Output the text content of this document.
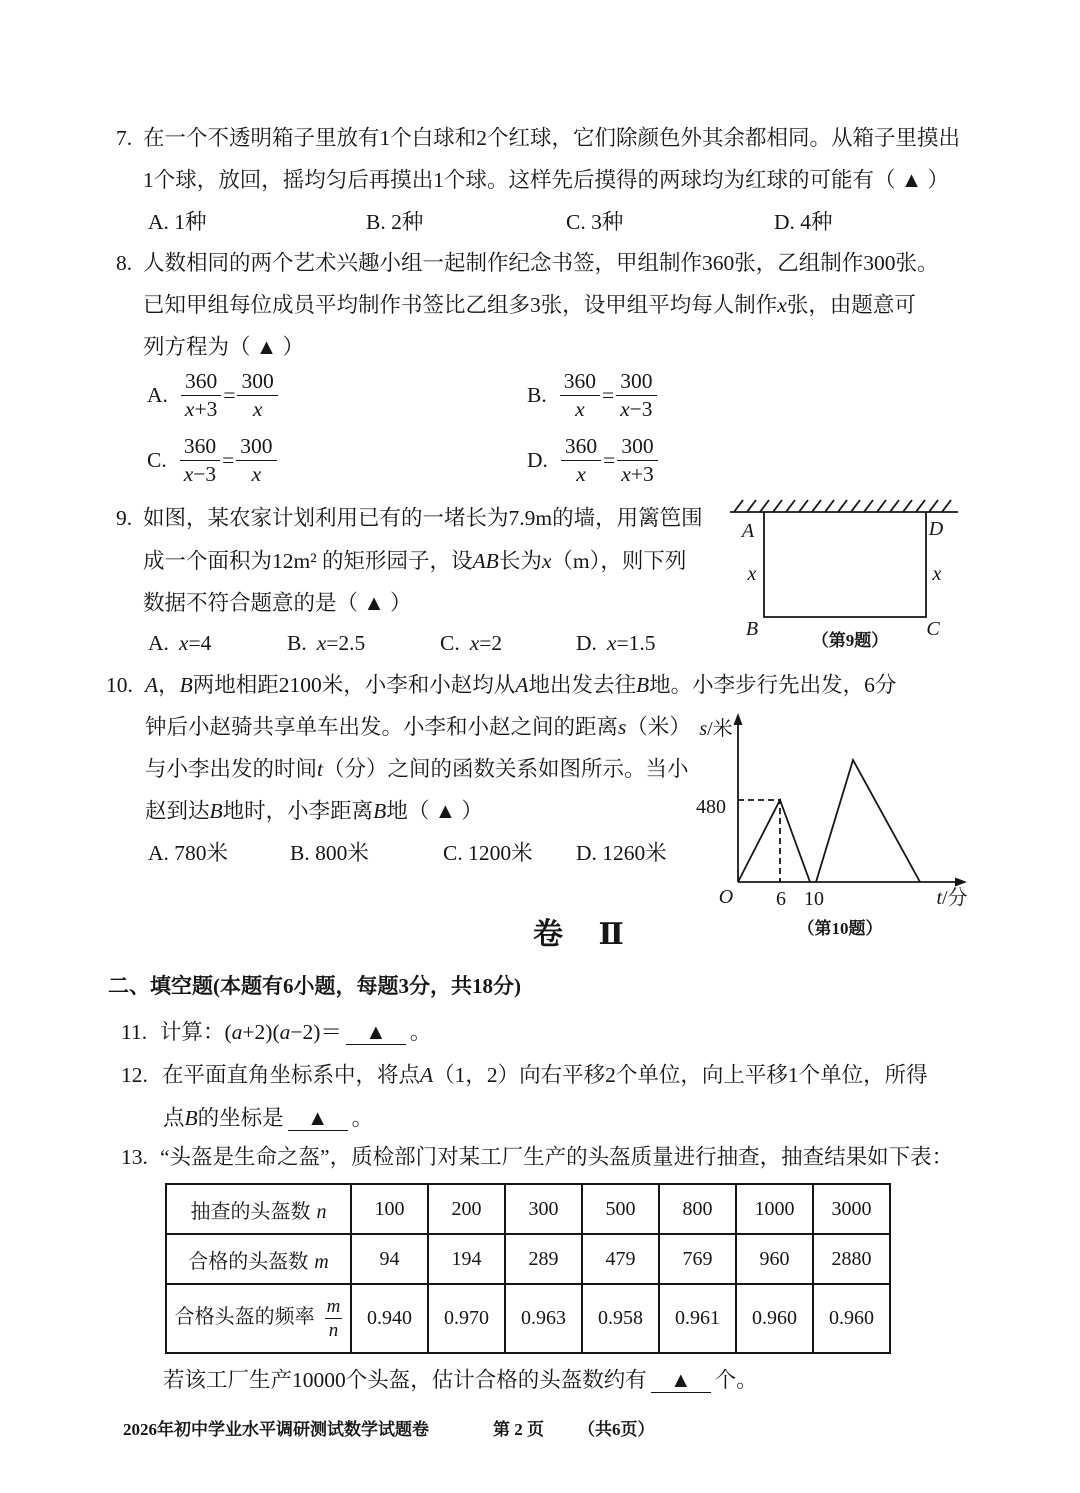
7. 在一个不透明箱子里放有1个白球和2个红球，它们除颜色外其余都相同。从箱子里摸出
1个球，放回，摇均匀后再摸出1个球。这样先后摸得的两球均为红球的可能有（ ▲ ）
A. 1种	B. 2种	C. 3种	D. 4种
8. 人数相同的两个艺术兴趣小组一起制作纪念书签，甲组制作360张，乙组制作300张。
已知甲组每位成员平均制作书签比乙组多3张，设甲组平均每人制作x张，由题意可
列方程为（ ▲ ）
A. $\frac{360}{x+3} = \frac{300}{x}$	B. $\frac{360}{x} = \frac{300}{x-3}$
C. $\frac{360}{x-3} = \frac{300}{x}$	D. $\frac{360}{x} = \frac{300}{x+3}$
9. 如图，某农家计划利用已有的一堵长为7.9m的墙，用篱笆围
成一个面积为12m² 的矩形园子，设AB长为x（m），则下列
数据不符合题意的是（ ▲ ）
A. x=4	B. x=2.5	C. x=2	D. x=1.5
A	D
x	x
B	C
（第9题）
10. A，B两地相距2100米，小李和小赵均从A地出发去往B地。小李步行先出发，6分
钟后小赵骑共享单车出发。小李和小赵之间的距离s（米）
与小李出发的时间t（分）之间的函数关系如图所示。当小
赵到达B地时，小李距离B地（ ▲ ）
A. 780米	B. 800米	C. 1200米 D. 1260米
s/米
480
O 6 10	t/分
（第10题）
卷 Ⅱ
二、填空题(本题有6小题，每题3分，共18分)
11. 计算：(a+2)(a−2)＝ ▲ 。
12. 在平面直角坐标系中，将点A（1，2）向右平移2个单位，向上平移1个单位，所得
点B的坐标是 ▲ 。
13. “头盔是生命之盔”，质检部门对某工厂生产的头盔质量进行抽查，抽查结果如下表：
抽查的头盔数 n	100	200	300	500	800	1000	3000
合格的头盔数 m	94	194	289	479	769	960	2880
合格头盔的频率 $\frac{m}{n}$	0.940	0.970	0.963	0.958	0.961	0.960	0.960
若该工厂生产10000个头盔，估计合格的头盔数约有 ▲ 个。
2026年初中学业水平调研测试数学试题卷	第 2 页 （共6页）
